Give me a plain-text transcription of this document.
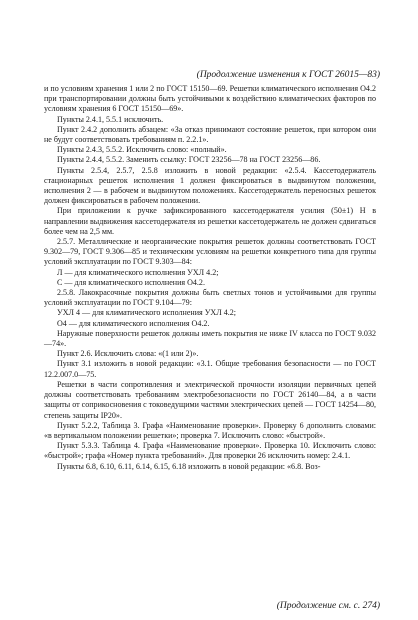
(Продолжение изменения к ГОСТ 26015—83)

и по условиям хранения 1 или 2 по ГОСТ 15150—69. Решетки климатического исполнения О4.2 при транспортировании должны быть устойчивыми к воздействию климатических факторов по условиям хранения 6 ГОСТ 15150—69».

Пункты 2.4.1, 5.5.1 исключить.

Пункт 2.4.2 дополнить абзацем: «За отказ принимают состояние решеток, при котором они не будут соответствовать требованиям п. 2.2.1».

Пункты 2.4.3, 5.5.2. Исключить слово: «полный».

Пункты 2.4.4, 5.5.2. Заменить ссылку: ГОСТ 23256—78 на ГОСТ 23256—86.

Пункты 2.5.4, 2.5.7, 2.5.8 изложить в новой редакции: «2.5.4. Кассетодержатель стационарных решеток исполнения 1 должен фиксироваться в выдвинутом положении, исполнения 2 — в рабочем и выдвинутом положениях. Кассетодержатель переносных решеток должен фиксироваться в рабочем положении.

При приложении к ручке зафиксированного кассетодержателя усилия (50±1) Н в направлении выдвижения кассетодержателя из решетки кассетодержатель не должен сдвигаться более чем на 2,5 мм.

2.5.7. Металлические и неорганические покрытия решеток должны соответствовать ГОСТ 9.302—79, ГОСТ 9.306—85 и техническим условиям на решетки конкретного типа для группы условий эксплуатации по ГОСТ 9.303—84:

Л — для климатического исполнения УХЛ 4.2;

С — для климатического исполнения О4.2.

2.5.8. Лакокрасочные покрытия должны быть светлых тонов и устойчивыми для группы условий эксплуатации по ГОСТ 9.104—79:

УХЛ 4 — для климатического исполнения УХЛ 4.2;

О4 — для климатического исполнения О4.2.

Наружные поверхности решеток должны иметь покрытия не ниже IV класса по ГОСТ 9.032—74».

Пункт 2.6. Исключить слова: «(1 или 2)».

Пункт 3.1 изложить в новой редакции: «3.1. Общие требования безопасности — по ГОСТ 12.2.007.0—75.

Решетки в части сопротивления и электрической прочности изоляции первичных цепей должны соответствовать требованиям электробезопасности по ГОСТ 26140—84, а в части защиты от соприкосновения с токоведущими частями электрических цепей — ГОСТ 14254—80, степень защиты IP20».

Пункт 5.2.2, Таблица 3. Графа «Наименование проверки». Проверку 6 дополнить словами: «в вертикальном положении решетки»; проверка 7. Исключить слово: «быстрой».

Пункт 5.3.3. Таблица 4. Графа «Наименование проверки». Проверка 10. Исключить слово: «быстрой»; графа «Номер пункта требований». Для проверки 26 исключить номер: 2.4.1.

Пункты 6.8, 6.10, 6.11, 6.14, 6.15, 6.18 изложить в новой редакции: «6.8. Воз-

(Продолжение см. с. 274)
